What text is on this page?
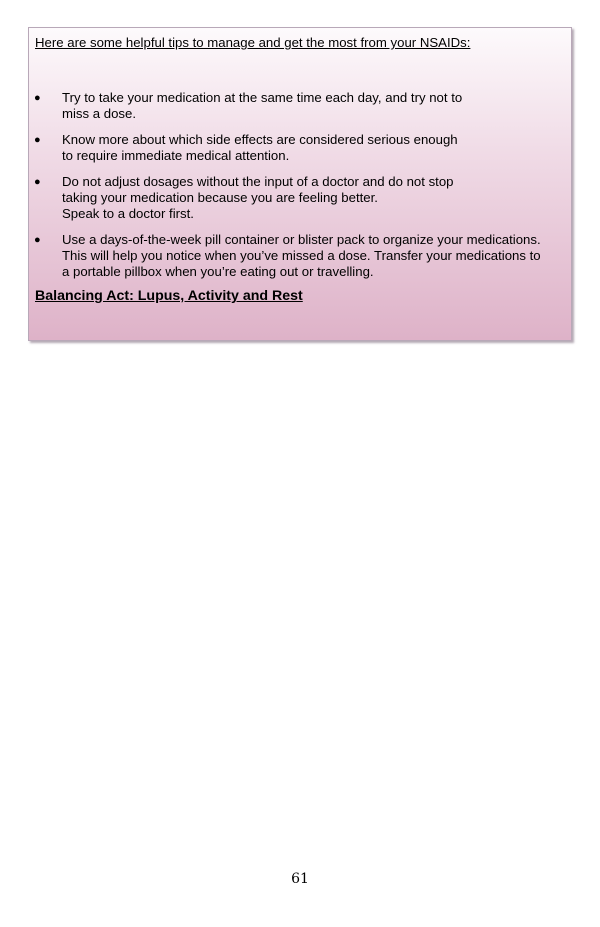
Here are some helpful tips to manage and get the most from your NSAIDs:

● Try to take your medication at the same time each day, and try not to
miss a dose.
● Know more about which side effects are considered serious enough
to require immediate medical attention.
● Do not adjust dosages without the input of a doctor and do not stop
taking your medication because you are feeling better.
Speak to a doctor first.
● Use a days-of-the-week pill container or blister pack to organize your medications.
This will help you notice when you’ve missed a dose. Transfer your medications to
a portable pillbox when you’re eating out or travelling.

Balancing Act: Lupus, Activity and Rest

61
